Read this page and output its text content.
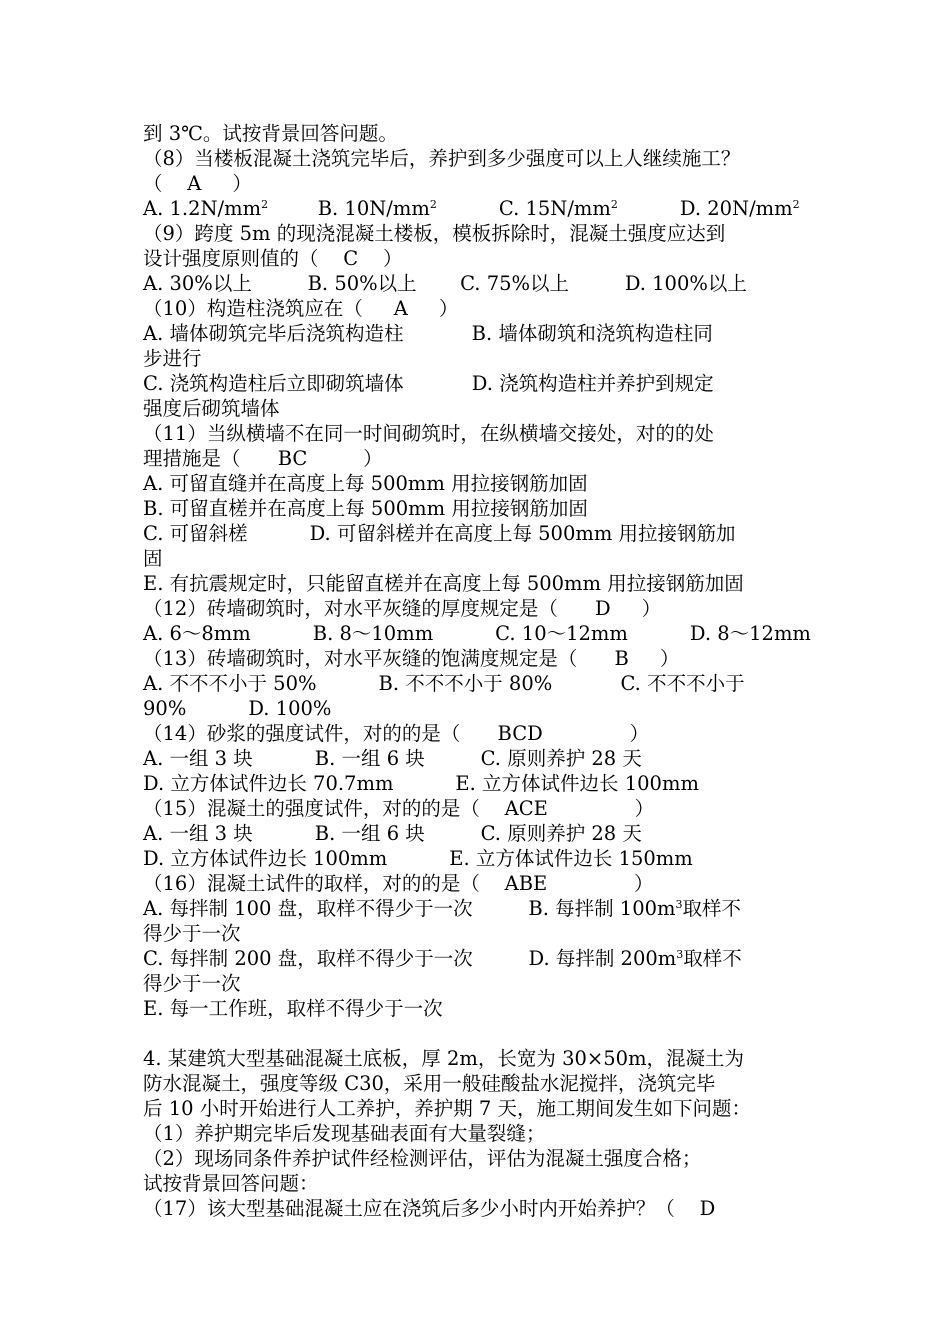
到 3℃。试按背景回答问题。
（8）当楼板混凝土浇筑完毕后，养护到多少强度可以上人继续施工？
（    A     ）
A. $1.2N/mm^2$        B. $10N/mm^2$          C. $15N/mm^2$          D. $20N/mm^2$
（9）跨度 5m 的现浇混凝土楼板，模板拆除时，混凝土强度应达到
设计强度原则值的（    C    ）
A. 30%以上         B. 50%以上       C. 75%以上         D. 100%以上
（10）构造柱浇筑应在（     A     ）
A. 墙体砌筑完毕后浇筑构造柱           B. 墙体砌筑和浇筑构造柱同
步进行
C. 浇筑构造柱后立即砌筑墙体           D. 浇筑构造柱并养护到规定
强度后砌筑墙体
（11）当纵横墙不在同一时间砌筑时，在纵横墙交接处，对的的处
理措施是（      BC         ）
A. 可留直缝并在高度上每 500mm 用拉接钢筋加固
B. 可留直槎并在高度上每 500mm 用拉接钢筋加固
C. 可留斜槎          D. 可留斜槎并在高度上每 500mm 用拉接钢筋加
固
E. 有抗震规定时，只能留直槎并在高度上每 500mm 用拉接钢筋加固
（12）砖墙砌筑时，对水平灰缝的厚度规定是（      D     ）
A. 6～8mm          B. 8～10mm          C. 10～12mm          D. 8～12mm
（13）砖墙砌筑时，对水平灰缝的饱满度规定是（      B     ）
A. 不不不小于 50%          B. 不不不小于 80%           C. 不不不小于
90%          D. 100%
（14）砂浆的强度试件，对的的是（      BCD              ）
A. 一组 3 块          B. 一组 6 块         C. 原则养护 28 天
D. 立方体试件边长 70.7mm          E. 立方体试件边长 100mm
（15）混凝土的强度试件，对的的是（    ACE              ）
A. 一组 3 块          B. 一组 6 块         C. 原则养护 28 天
D. 立方体试件边长 100mm          E. 立方体试件边长 150mm
（16）混凝土试件的取样，对的的是（    ABE              ）
A. 每拌制 100 盘，取样不得少于一次         B. 每拌制 $100m^3$取样不
得少于一次
C. 每拌制 200 盘，取样不得少于一次         D. 每拌制 $200m^3$取样不
得少于一次
E. 每一工作班，取样不得少于一次
4. 某建筑大型基础混凝土底板，厚 2m，长宽为 30×50m，混凝土为
防水混凝土，强度等级 C30，采用一般硅酸盐水泥搅拌，浇筑完毕
后 10 小时开始进行人工养护，养护期 7 天，施工期间发生如下问题：
（1）养护期完毕后发现基础表面有大量裂缝；
（2）现场同条件养护试件经检测评估，评估为混凝土强度合格；
试按背景回答问题：
（17）该大型基础混凝土应在浇筑后多少小时内开始养护？（    D
